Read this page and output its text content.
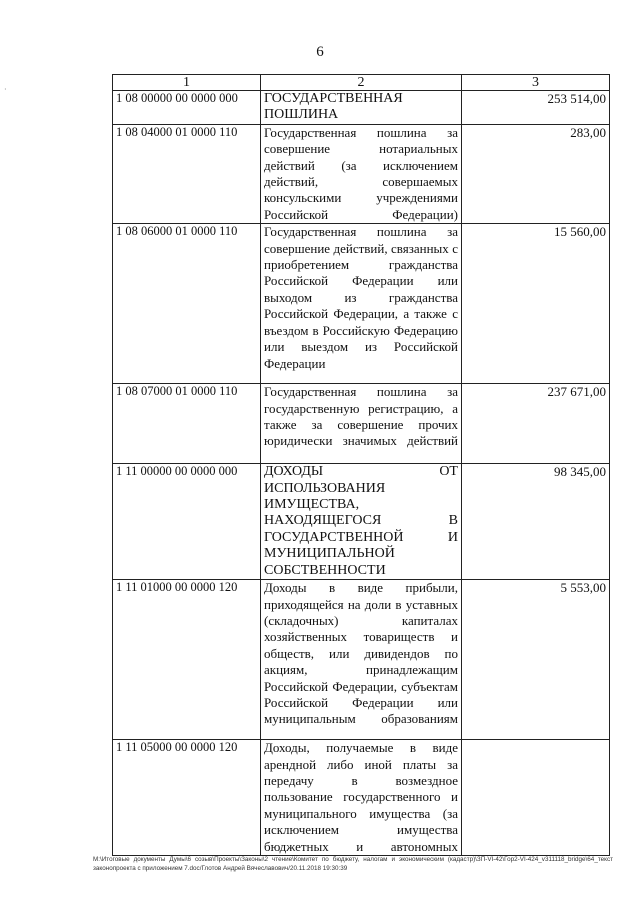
6
·	1	2	3
1 08 00000 00 0000 000	ГОСУДАРСТВЕННАЯ ПОШЛИНА	253 514,00
1 08 04000 01 0000 110	Государственная пошлина за совершение нотариальных действий (за исключением действий, совершаемых консульскими учреждениями Российской Федерации)	283,00
1 08 06000 01 0000 110	Государственная пошлина за совершение действий, связанных с приобретением гражданства Российской Федерации или выходом из гражданства Российской Федерации, а также с въездом в Российскую Федерацию или выездом из Российской Федерации	15 560,00
1 08 07000 01 0000 110	Государственная пошлина за государственную регистрацию, а также за совершение прочих юридически значимых действий	237 671,00
1 11 00000 00 0000 000	ДОХОДЫ ОТ ИСПОЛЬЗОВАНИЯ ИМУЩЕСТВА, НАХОДЯЩЕГОСЯ В ГОСУДАРСТВЕННОЙ И МУНИЦИПАЛЬНОЙ СОБСТВЕННОСТИ	98 345,00
1 11 01000 00 0000 120	Доходы в виде прибыли, приходящейся на доли в уставных (складочных) капиталах хозяйственных товариществ и обществ, или дивидендов по акциям, принадлежащим Российской Федерации, субъектам Российской Федерации или муниципальным образованиям	5 553,00
1 11 05000 00 0000 120	Доходы, получаемые в виде арендной либо иной платы за передачу в возмездное пользование государственного и муниципального имущества (за исключением имущества бюджетных и автономных	

М:\Итоговые документы Думы\6 созыв\Проекты\Законы\2 чтение\Комитет по бюджету, налогам и экономическим (кадастр)\ЗП-VI-42\Гор2-VI-424_v311118_bridge\64_текст законопроекта с приложением 7.doc/Глотов Андрей Вячеславович/20.11.2018 19:30:39
